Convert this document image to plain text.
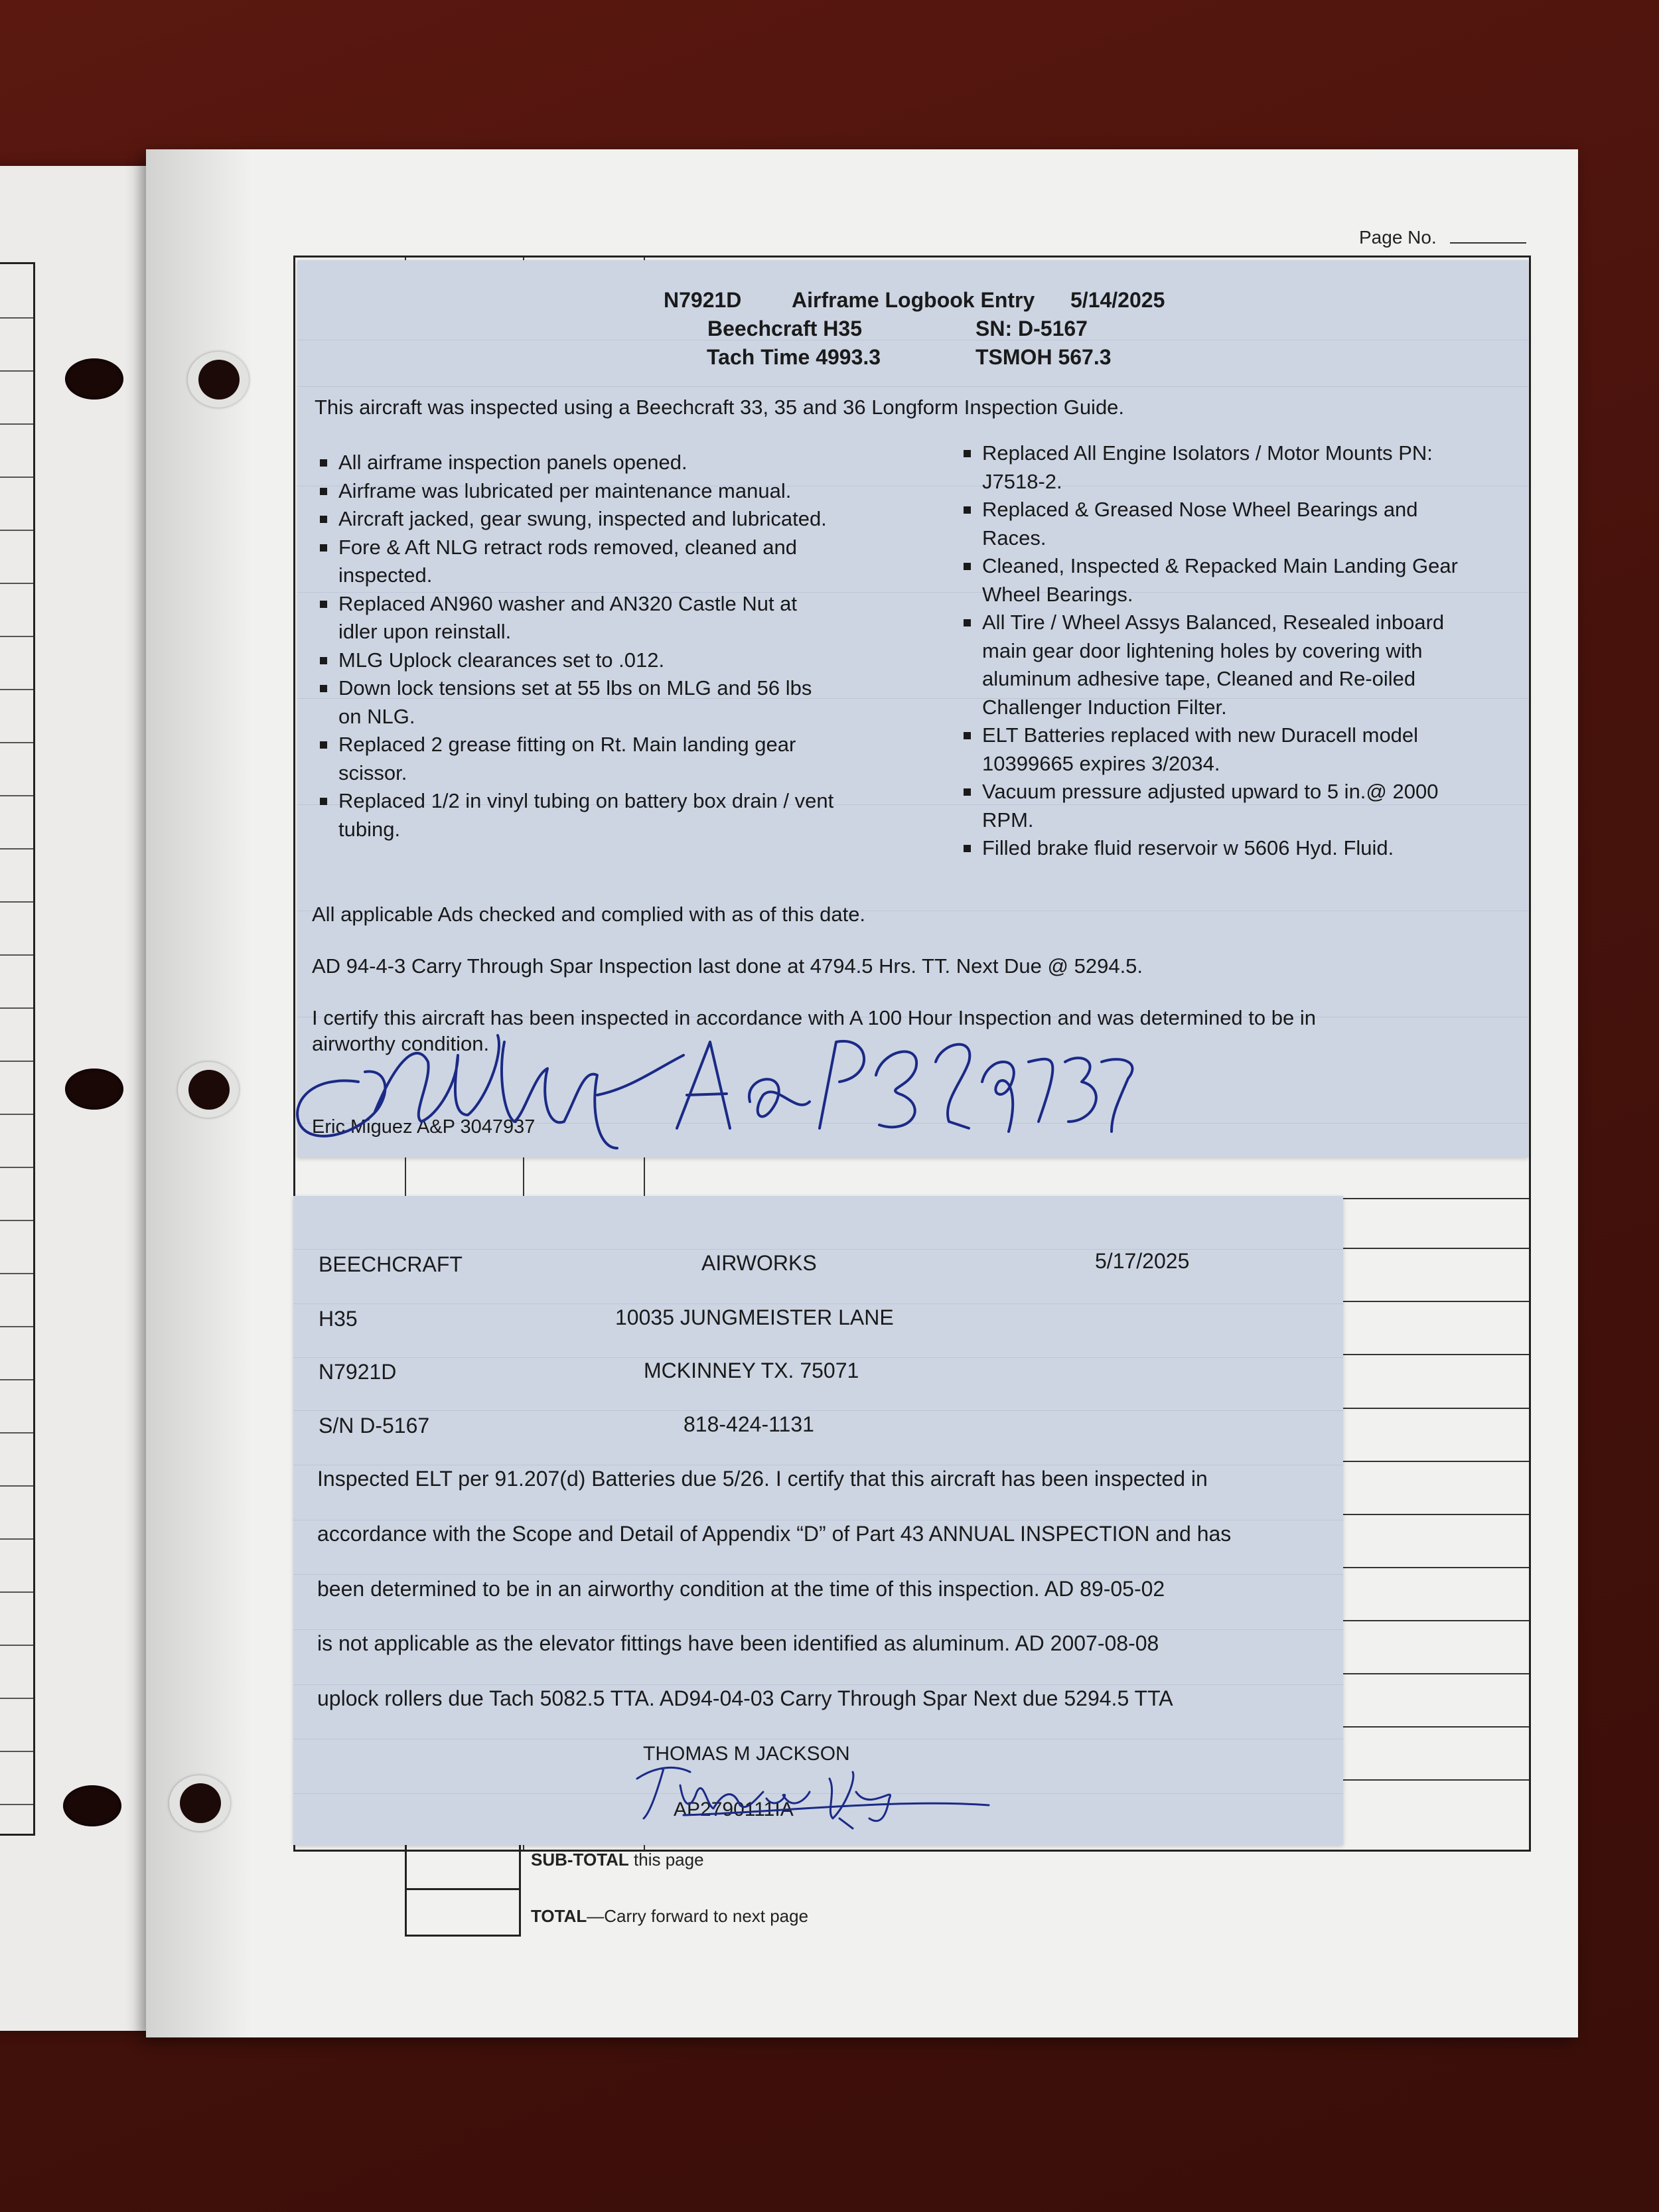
Page No.
SUB-TOTAL this page
TOTAL—Carry forward to next page
N7921D Airframe Logbook Entry 5/14/2025
Beechcraft H35	SN: D-5167
Tach Time 4993.3	TSMOH 567.3
This aircraft was inspected using a Beechcraft 33, 35 and 36 Longform Inspection Guide.
All airframe inspection panels opened.
Airframe was lubricated per maintenance manual.
Aircraft jacked, gear swung, inspected and lubricated.
Fore & Aft NLG retract rods removed, cleaned and
inspected.
Replaced AN960 washer and AN320 Castle Nut at
idler upon reinstall.
MLG Uplock clearances set to .012.
Down lock tensions set at 55 lbs on MLG and 56 lbs
on NLG.
Replaced 2 grease fitting on Rt. Main landing gear
scissor.
Replaced 1/2 in vinyl tubing on battery box drain / vent
tubing.
Replaced All Engine Isolators / Motor Mounts PN:
J7518-2.
Replaced & Greased Nose Wheel Bearings and
Races.
Cleaned, Inspected & Repacked Main Landing Gear
Wheel Bearings.
All Tire / Wheel Assys Balanced, Resealed inboard
main gear door lightening holes by covering with
aluminum adhesive tape, Cleaned and Re-oiled
Challenger Induction Filter.
ELT Batteries replaced with new Duracell model
10399665 expires 3/2034.
Vacuum pressure adjusted upward to 5 in.@ 2000
RPM.
Filled brake fluid reservoir w 5606 Hyd. Fluid.
All applicable Ads checked and complied with as of this date.
AD 94-4-3 Carry Through Spar Inspection last done at 4794.5 Hrs. TT. Next Due @ 5294.5.
I certify this aircraft has been inspected in accordance with A 100 Hour Inspection and was determined to be in
airworthy condition.
Eric Miguez A&P 3047937
BEECHCRAFT	AIRWORKS	5/17/2025
H35	10035 JUNGMEISTER LANE
N7921D	MCKINNEY TX. 75071
S/N D-5167	818-424-1131
Inspected ELT per 91.207(d) Batteries due 5/26. I certify that this aircraft has been inspected in
accordance with the Scope and Detail of Appendix “D” of Part 43 ANNUAL INSPECTION and has
been determined to be in an airworthy condition at the time of this inspection. AD 89-05-02
is not applicable as the elevator fittings have been identified as aluminum. AD 2007-08-08
uplock rollers due Tach 5082.5 TTA. AD94-04-03 Carry Through Spar Next due 5294.5 TTA
THOMAS M JACKSON
AP2790111IA
